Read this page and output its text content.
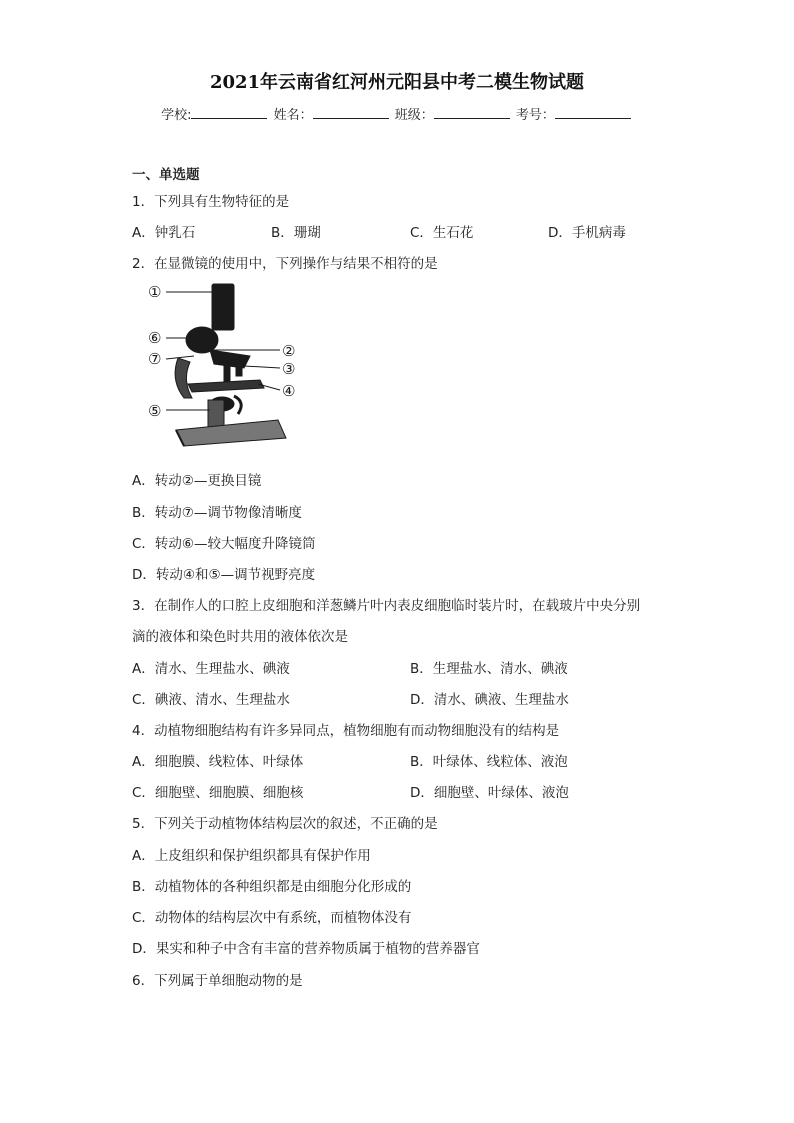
2021年云南省红河州元阳县中考二模生物试题
学校:	姓名：	班级：	考号：
一、单选题
1．下列具有生物特征的是
A．钟乳石	B．珊瑚	C．生石花	D．手机病毒
2．在显微镜的使用中，下列操作与结果不相符的是
①
②
③
④
⑤
⑥
⑦
A．转动②—更换目镜
B．转动⑦—调节物像清晰度
C．转动⑥—较大幅度升降镜筒
D．转动④和⑤—调节视野亮度
3．在制作人的口腔上皮细胞和洋葱鳞片叶内表皮细胞临时装片时，在载玻片中央分别
滴的液体和染色时共用的液体依次是
A．清水、生理盐水、碘液	B．生理盐水、清水、碘液
C．碘液、清水、生理盐水	D．清水、碘液、生理盐水
4．动植物细胞结构有许多异同点，植物细胞有而动物细胞没有的结构是
A．细胞膜、线粒体、叶绿体	B．叶绿体、线粒体、液泡
C．细胞壁、细胞膜、细胞核	D．细胞壁、叶绿体、液泡
5．下列关于动植物体结构层次的叙述，不正确的是
A．上皮组织和保护组织都具有保护作用
B．动植物体的各种组织都是由细胞分化形成的
C．动物体的结构层次中有系统，而植物体没有
D．果实和种子中含有丰富的营养物质属于植物的营养器官
6．下列属于单细胞动物的是
